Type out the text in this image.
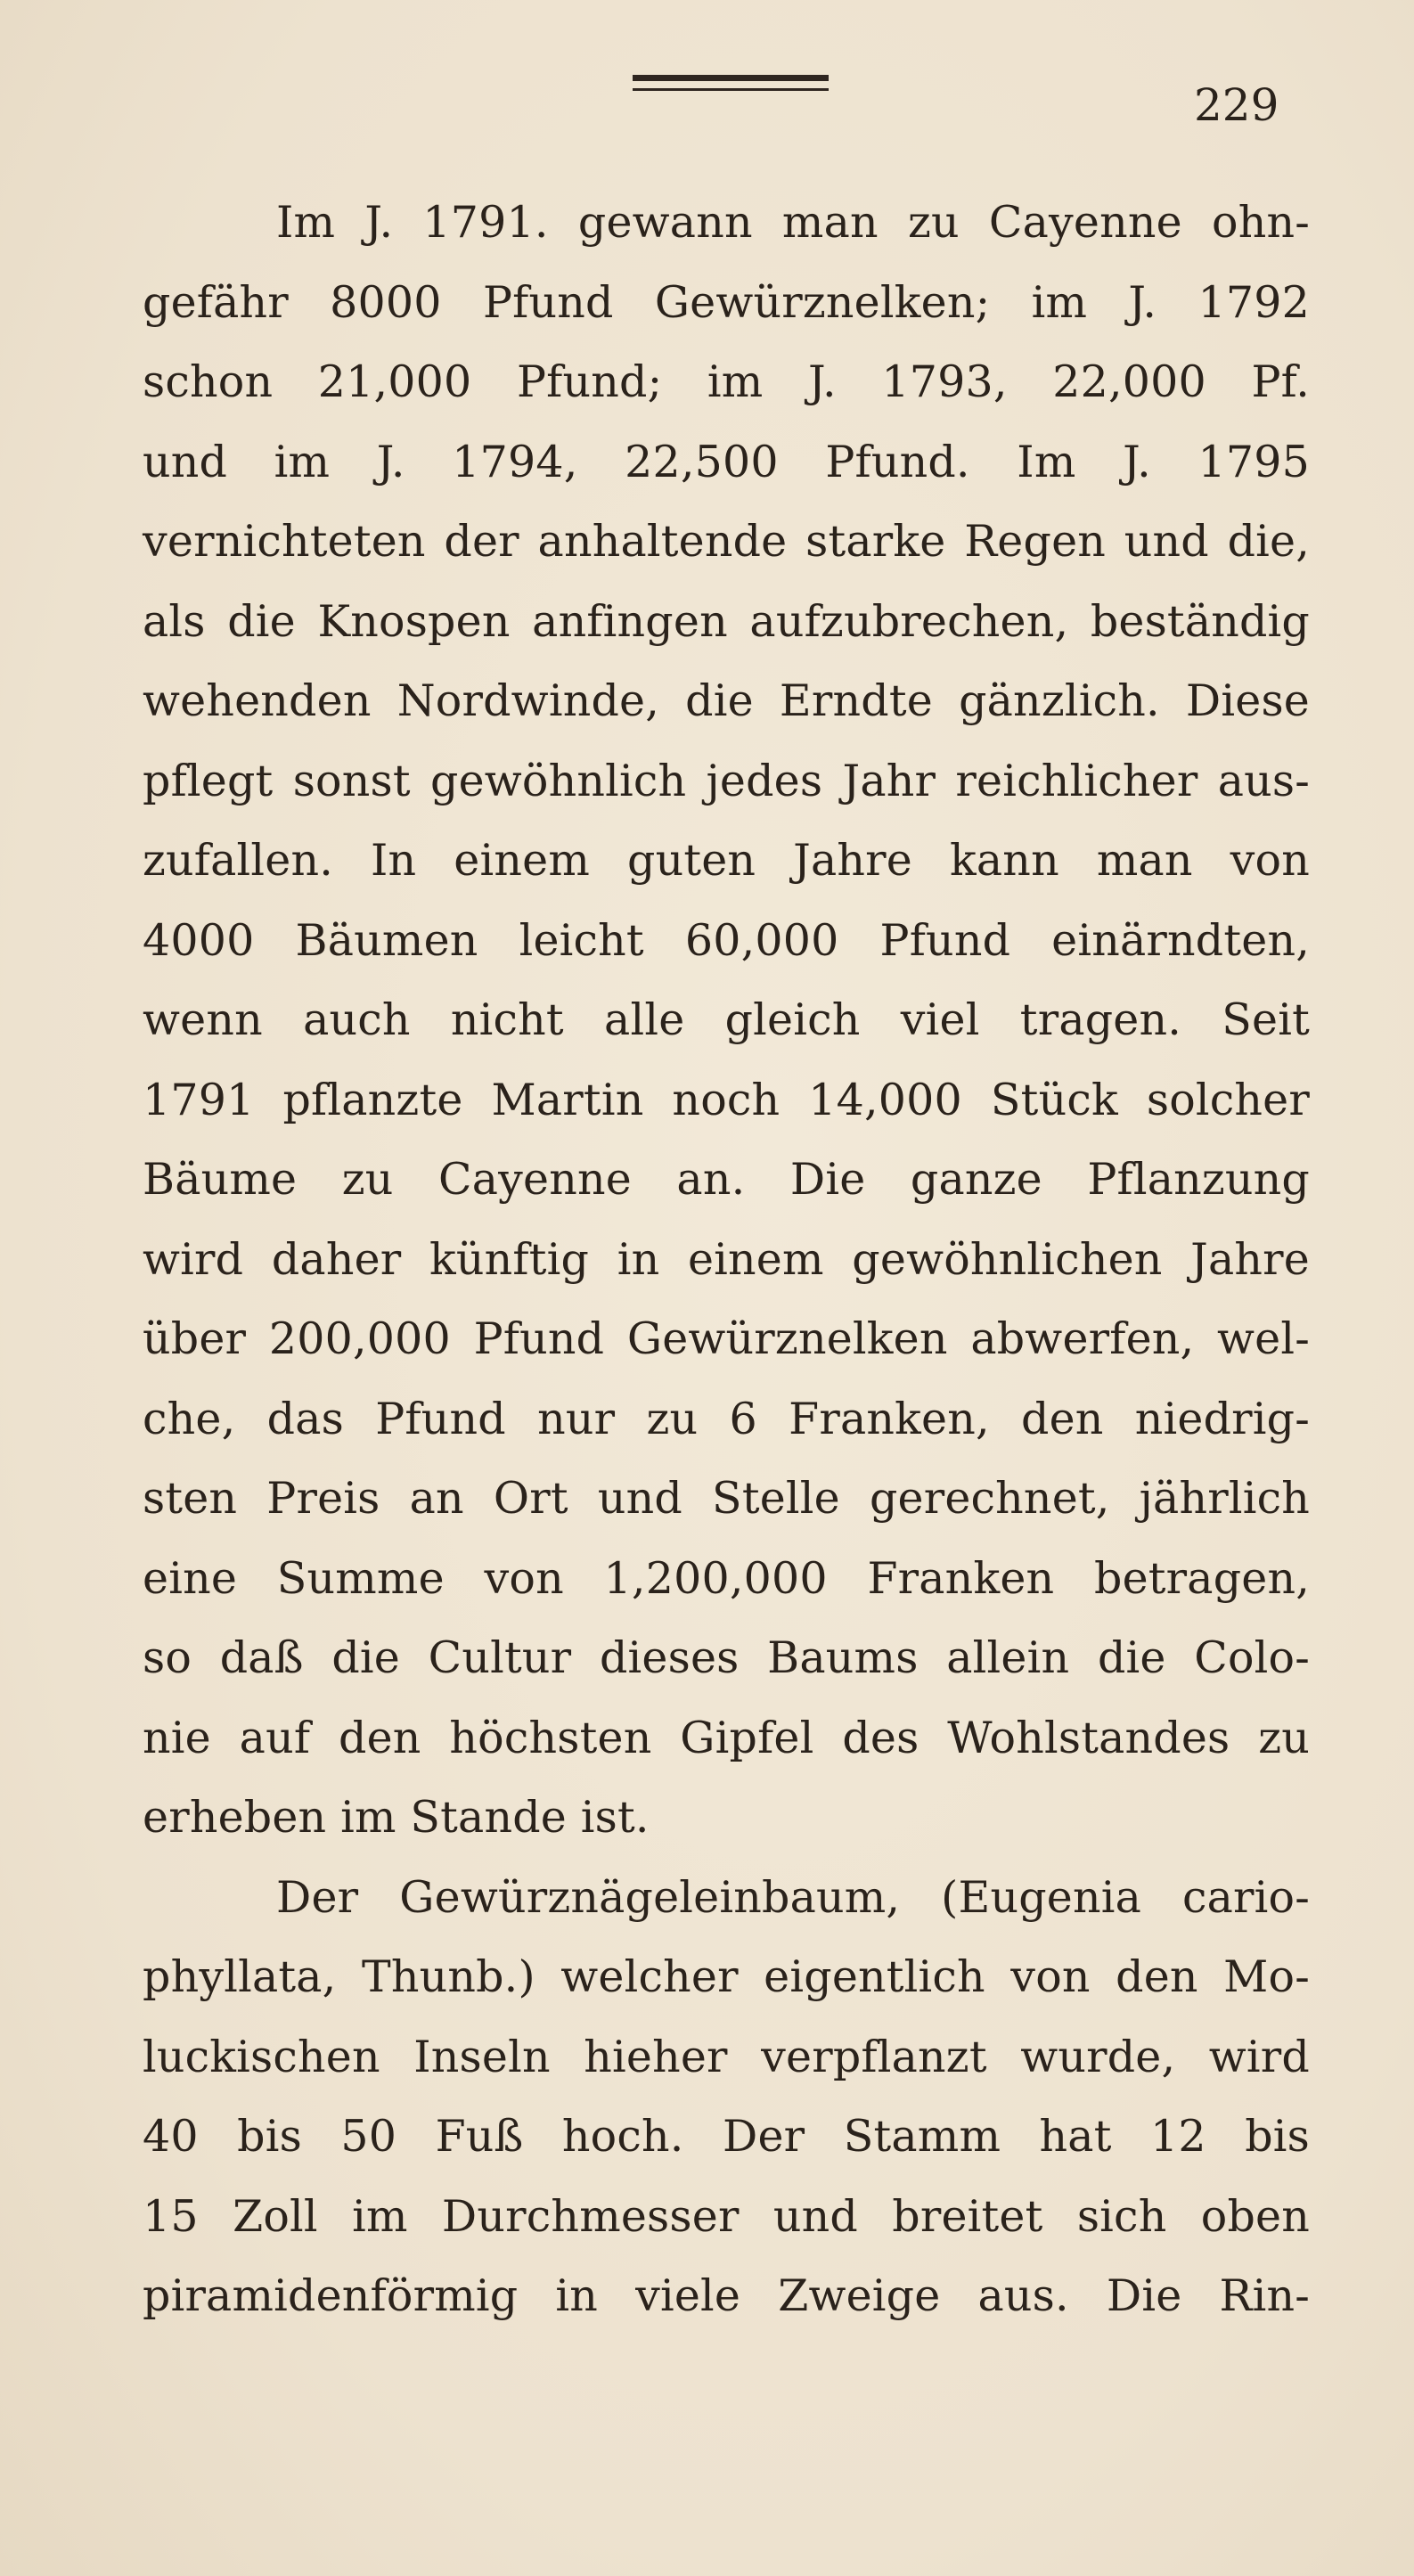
229
Im J. 1791. gewann man zu Cayenne ohn-
gefähr 8000 Pfund Gewürznelken; im J. 1792
schon 21,000 Pfund; im J. 1793, 22,000 Pf.
und im J. 1794, 22,500 Pfund. Im J. 1795
vernichteten der anhaltende starke Regen und die,
als die Knospen anfingen aufzubrechen, beständig
wehenden Nordwinde, die Erndte gänzlich. Diese
pflegt sonst gewöhnlich jedes Jahr reichlicher aus-
zufallen. In einem guten Jahre kann man von
4000 Bäumen leicht 60,000 Pfund einärndten,
wenn auch nicht alle gleich viel tragen. Seit
1791 pflanzte Martin noch 14,000 Stück solcher
Bäume zu Cayenne an. Die ganze Pflanzung
wird daher künftig in einem gewöhnlichen Jahre
über 200,000 Pfund Gewürznelken abwerfen, wel-
che, das Pfund nur zu 6 Franken, den niedrig-
sten Preis an Ort und Stelle gerechnet, jährlich
eine Summe von 1,200,000 Franken betragen,
so daß die Cultur dieses Baums allein die Colo-
nie auf den höchsten Gipfel des Wohlstandes zu
erheben im Stande ist.
Der Gewürznägeleinbaum, (Eugenia cario-
phyllata, Thunb.) welcher eigentlich von den Mo-
luckischen Inseln hieher verpflanzt wurde, wird
40 bis 50 Fuß hoch. Der Stamm hat 12 bis
15 Zoll im Durchmesser und breitet sich oben
piramidenförmig in viele Zweige aus. Die Rin-
